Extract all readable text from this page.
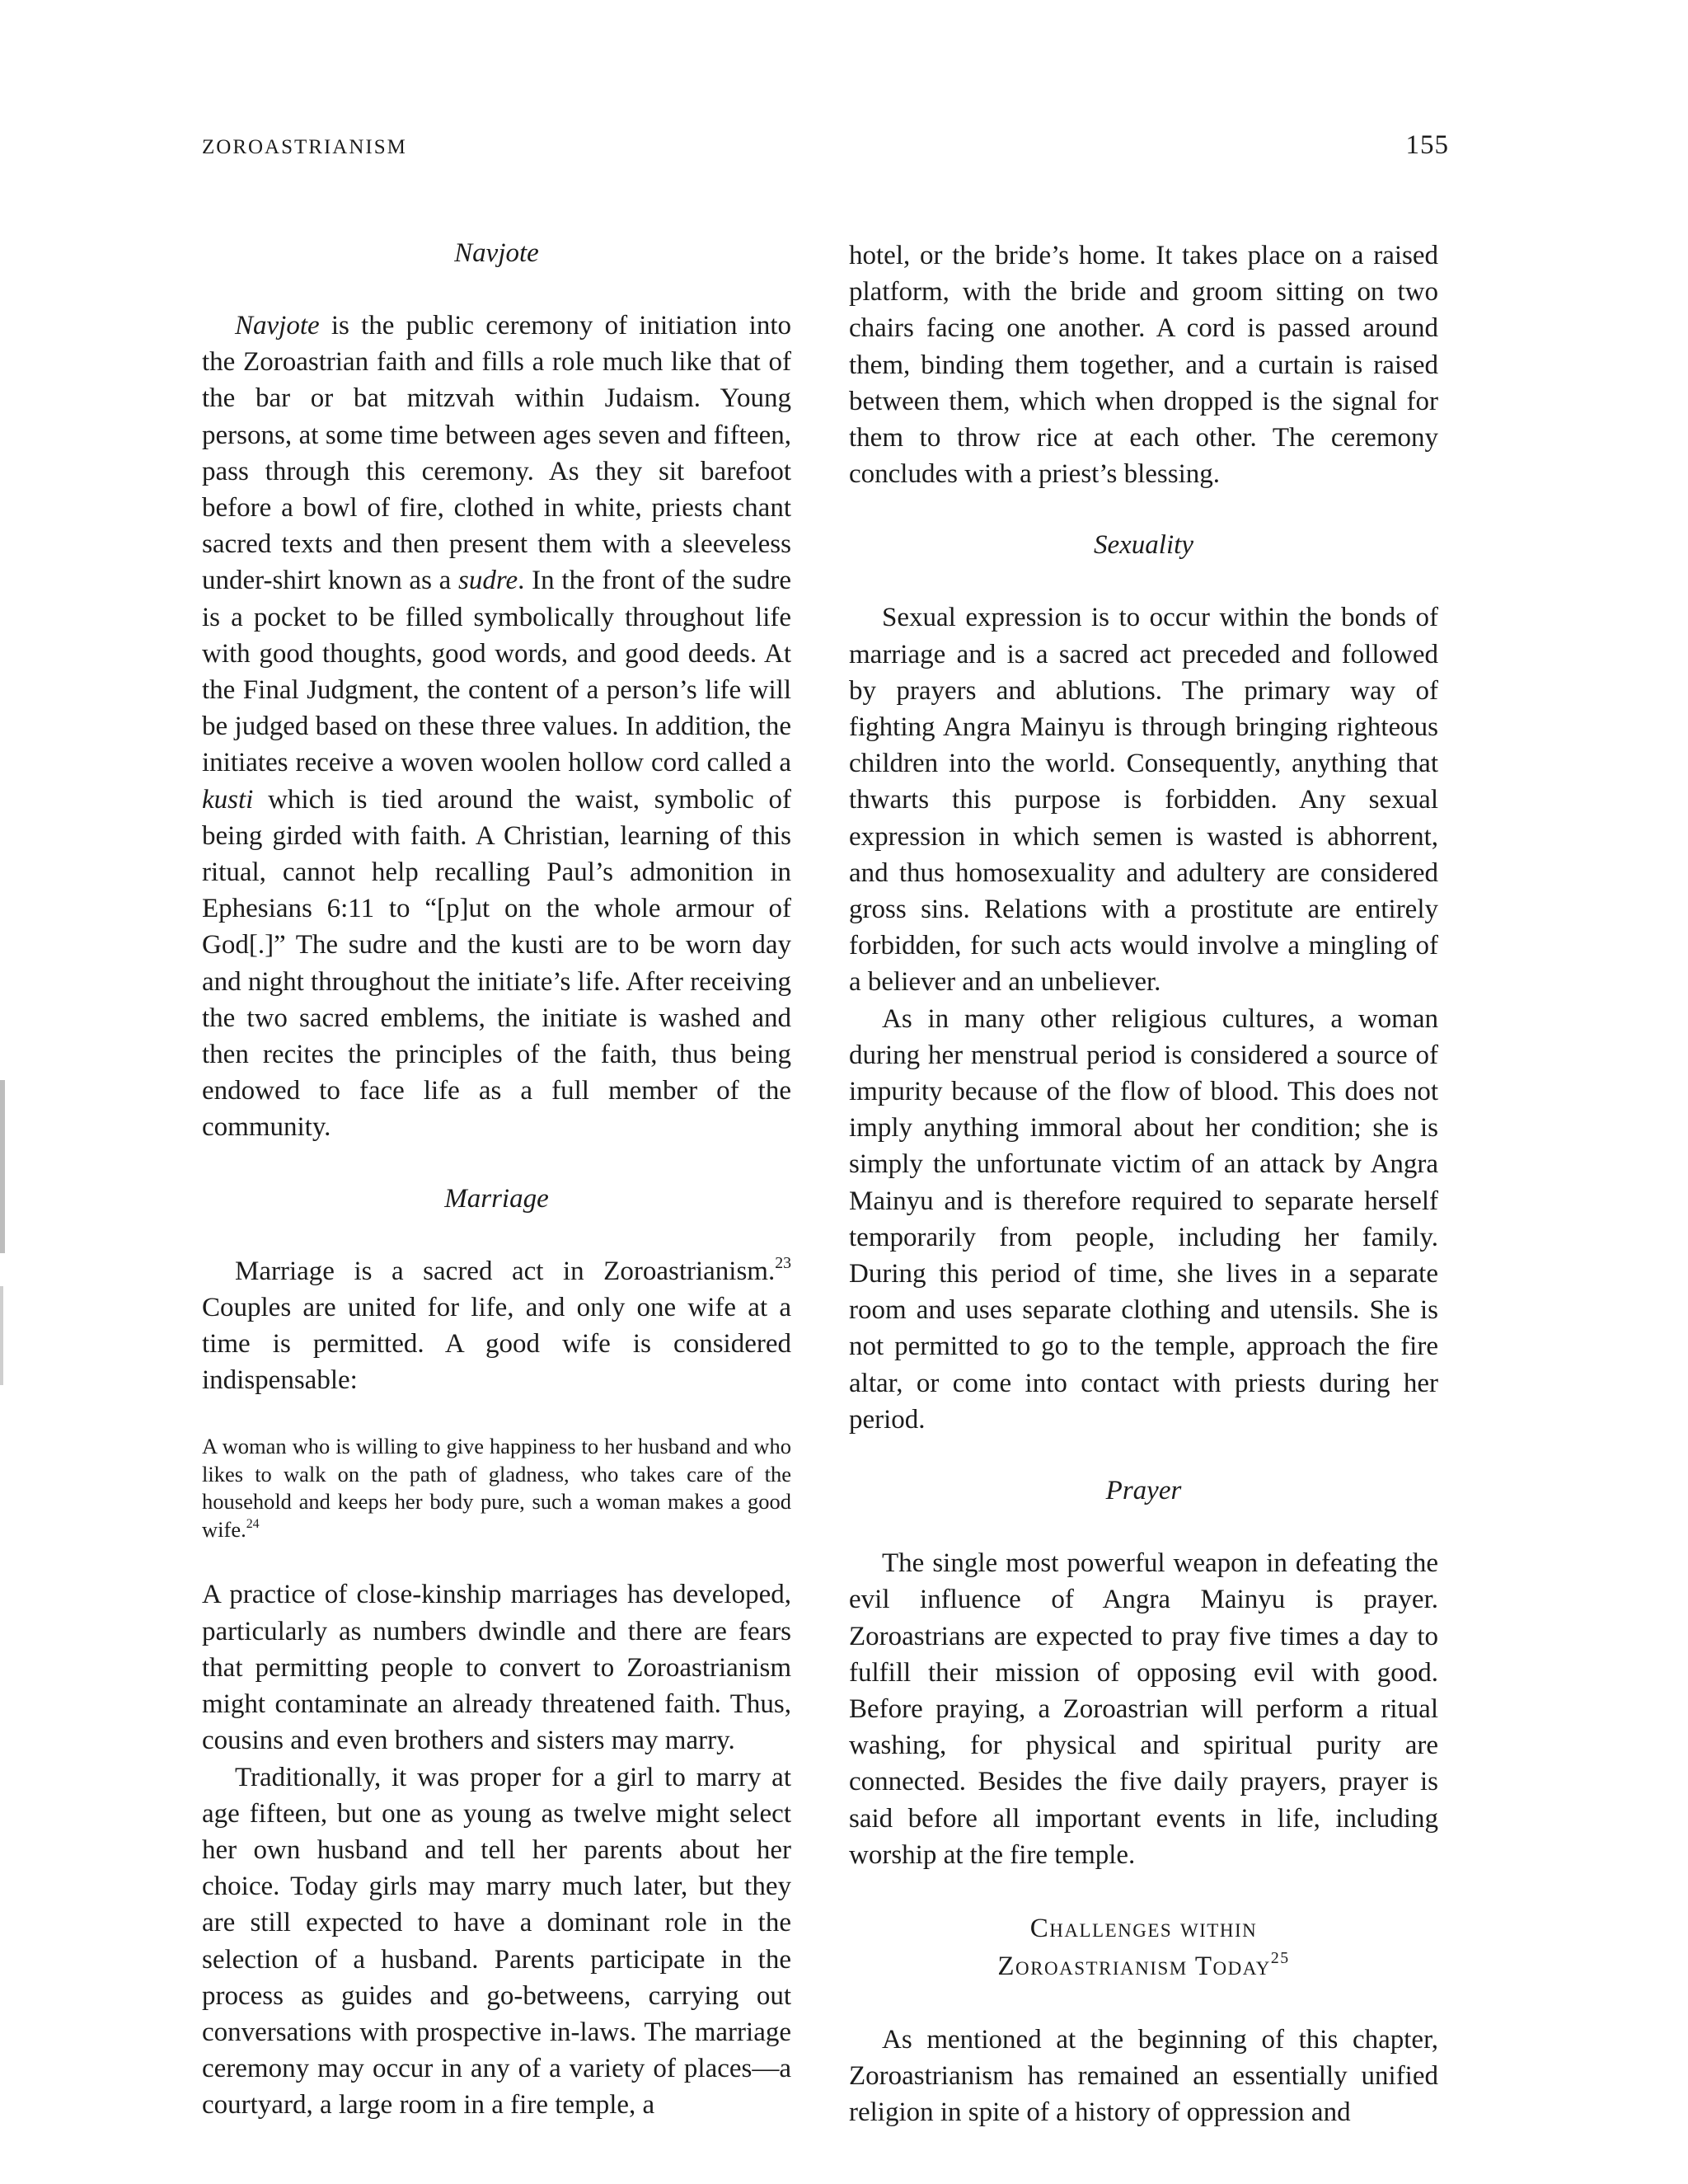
ZOROASTRIANISM	155
Navjote

Navjote is the public ceremony of initiation into the Zoroastrian faith and fills a role much like that of the bar or bat mitzvah within Judaism. Young persons, at some time between ages seven and fifteen, pass through this ceremony. As they sit barefoot before a bowl of fire, clothed in white, priests chant sacred texts and then present them with a sleeveless under-shirt known as a sudre. In the front of the sudre is a pocket to be filled symbolically throughout life with good thoughts, good words, and good deeds. At the Final Judgment, the content of a person’s life will be judged based on these three values. In addition, the initiates receive a woven woolen hollow cord called a kusti which is tied around the waist, symbolic of being girded with faith. A Christian, learning of this ritual, cannot help recalling Paul’s admonition in Ephesians 6:11 to “[p]ut on the whole armour of God[.]” The sudre and the kusti are to be worn day and night throughout the initiate’s life. After receiving the two sacred emblems, the initiate is washed and then recites the principles of the faith, thus being endowed to face life as a full member of the community.

Marriage

Marriage is a sacred act in Zoroastrianism.$^{23}$ Couples are united for life, and only one wife at a time is permitted. A good wife is considered indispensable:

A woman who is willing to give happiness to her husband and who likes to walk on the path of gladness, who takes care of the household and keeps her body pure, such a woman makes a good wife.$^{24}$

A practice of close-kinship marriages has developed, particularly as numbers dwindle and there are fears that permitting people to convert to Zoroastrianism might contaminate an already threatened faith. Thus, cousins and even brothers and sisters may marry.

Traditionally, it was proper for a girl to marry at age fifteen, but one as young as twelve might select her own husband and tell her parents about her choice. Today girls may marry much later, but they are still expected to have a dominant role in the selection of a husband. Parents participate in the process as guides and go-betweens, carrying out conversations with prospective in-laws. The marriage ceremony may occur in any of a variety of places—a courtyard, a large room in a fire temple, a

hotel, or the bride’s home. It takes place on a raised platform, with the bride and groom sitting on two chairs facing one another. A cord is passed around them, binding them together, and a curtain is raised between them, which when dropped is the signal for them to throw rice at each other. The ceremony concludes with a priest’s blessing.

Sexuality

Sexual expression is to occur within the bonds of marriage and is a sacred act preceded and followed by prayers and ablutions. The primary way of fighting Angra Mainyu is through bringing righteous children into the world. Consequently, anything that thwarts this purpose is forbidden. Any sexual expression in which semen is wasted is abhorrent, and thus homosexuality and adultery are considered gross sins. Relations with a prostitute are entirely forbidden, for such acts would involve a mingling of a believer and an unbeliever.

As in many other religious cultures, a woman during her menstrual period is considered a source of impurity because of the flow of blood. This does not imply anything immoral about her condition; she is simply the unfortunate victim of an attack by Angra Mainyu and is therefore required to separate herself temporarily from people, including her family. During this period of time, she lives in a separate room and uses separate clothing and utensils. She is not permitted to go to the temple, approach the fire altar, or come into contact with priests during her period.

Prayer

The single most powerful weapon in defeating the evil influence of Angra Mainyu is prayer. Zoroastrians are expected to pray five times a day to fulfill their mission of opposing evil with good. Before praying, a Zoroastrian will perform a ritual washing, for physical and spiritual purity are connected. Besides the five daily prayers, prayer is said before all important events in life, including worship at the fire temple.

Challenges within
Zoroastrianism Today$^{25}$

As mentioned at the beginning of this chapter, Zoroastrianism has remained an essentially unified religion in spite of a history of oppression and
